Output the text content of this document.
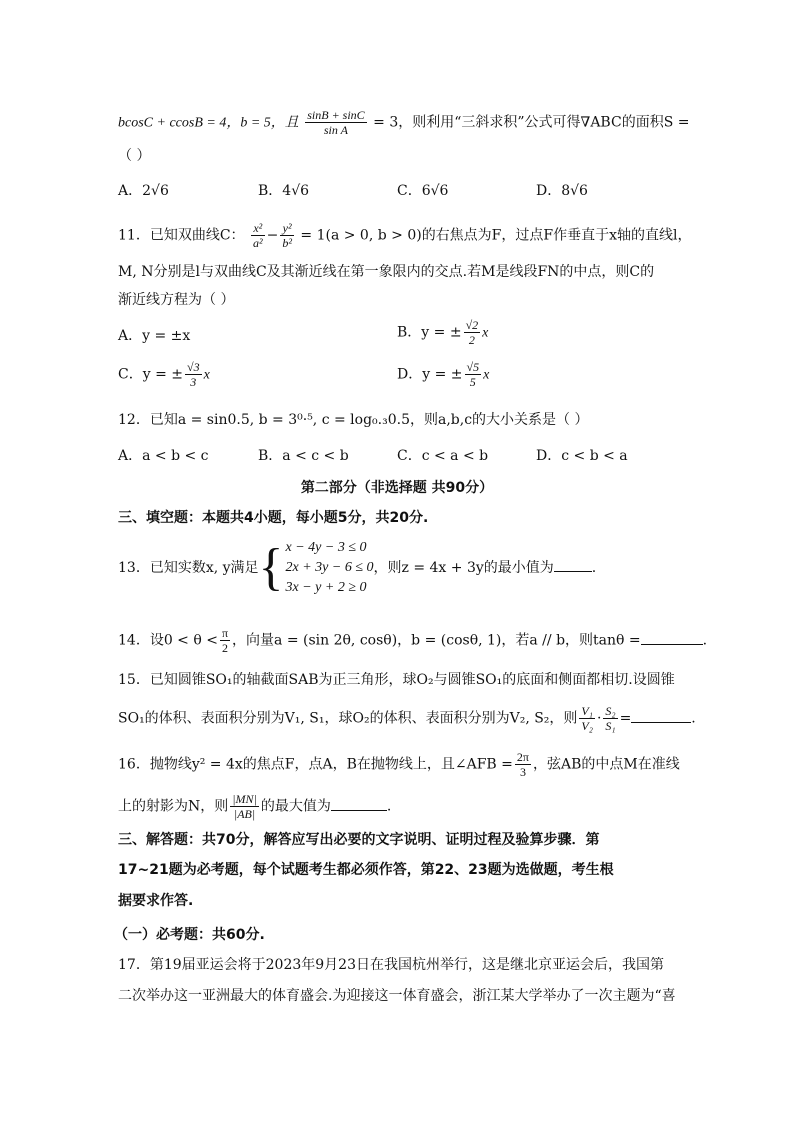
bcosC + ccosB = 4，b = 5，且 $\frac{\sin B + \sin C}{\text{sin A}} = 3$，则利用“三斜求积”公式可得∇ABC的面积S =
（ ）
A．2√6	B．4√6	C．6√6	D．8√6
11．已知双曲线C： $\frac{\text{x²}}{\text{a²}} - \frac{\text{y²}}{\text{b²}} = 1(a > 0$, b > 0)的右焦点为F，过点F作垂直于x轴的直线l，
M, N分别是l与双曲线C及其渐近线在第一象限内的交点.若M是线段FN的中点，则C的
渐近线方程为（ ）
A．y = ±x	B．y = ± $\frac{√2}{2}$ x
C．y = ± $\frac{√3}{3}$ x	D．y = ± $\frac{√5}{5}$ x
12．已知a = sin0.5, b = 3⁰·⁵, c = log₀.₃0.5，则a,b,c的大小关系是（ ）
A．a < b < c	B．a < c < b	C．c < a < b	D．c < b < a
第二部分（非选择题 共90分）
三、填空题：本题共4小题，每小题5分，共20分.
13．已知实数x, y满足{ x − 4y − 3 ≤ 0
2x + 3y − 6 ≤ 0
3x − y + 2 ≥ 0
，则z = 4x + 3y的最小值为	.
14．设$0 < \theta < \frac{\pi}{2}$ ，向量a = (sin 2θ, cosθ)，b = (cosθ, 1)，若a // b，则tanθ =	.
15．已知圆锥SO₁的轴截面SAB为正三角形，球O₂与圆锥SO₁的底面和侧面都相切.设圆锥
SO₁的体积、表面积分别为V₁, S₁，球O₂的体积、表面积分别为V₂, S₂，则 $\frac{\text{V₁}}{\text{V₂}} \cdot \frac{\text{S₂}}{\text{S₁}}$ =	.
16．抛物线y² = 4x的焦点F，点A，B在抛物线上，且∠AFB = $\frac{2\pi}{3}$ ，弦AB的中点M在准线
上的射影为N，则 $\frac{|MN|}{|AB|}$ 的最大值为	.
三、解答题：共70分，解答应写出必要的文字说明、证明过程及验算步骤．第
17~21题为必考题，每个试题考生都必须作答，第22、23题为选做题，考生根
据要求作答.
（一）必考题：共60分.
17．第19届亚运会将于2023年9月23日在我国杭州举行，这是继北京亚运会后，我国第
二次举办这一亚洲最大的体育盛会.为迎接这一体育盛会，浙江某大学举办了一次主题为“喜
